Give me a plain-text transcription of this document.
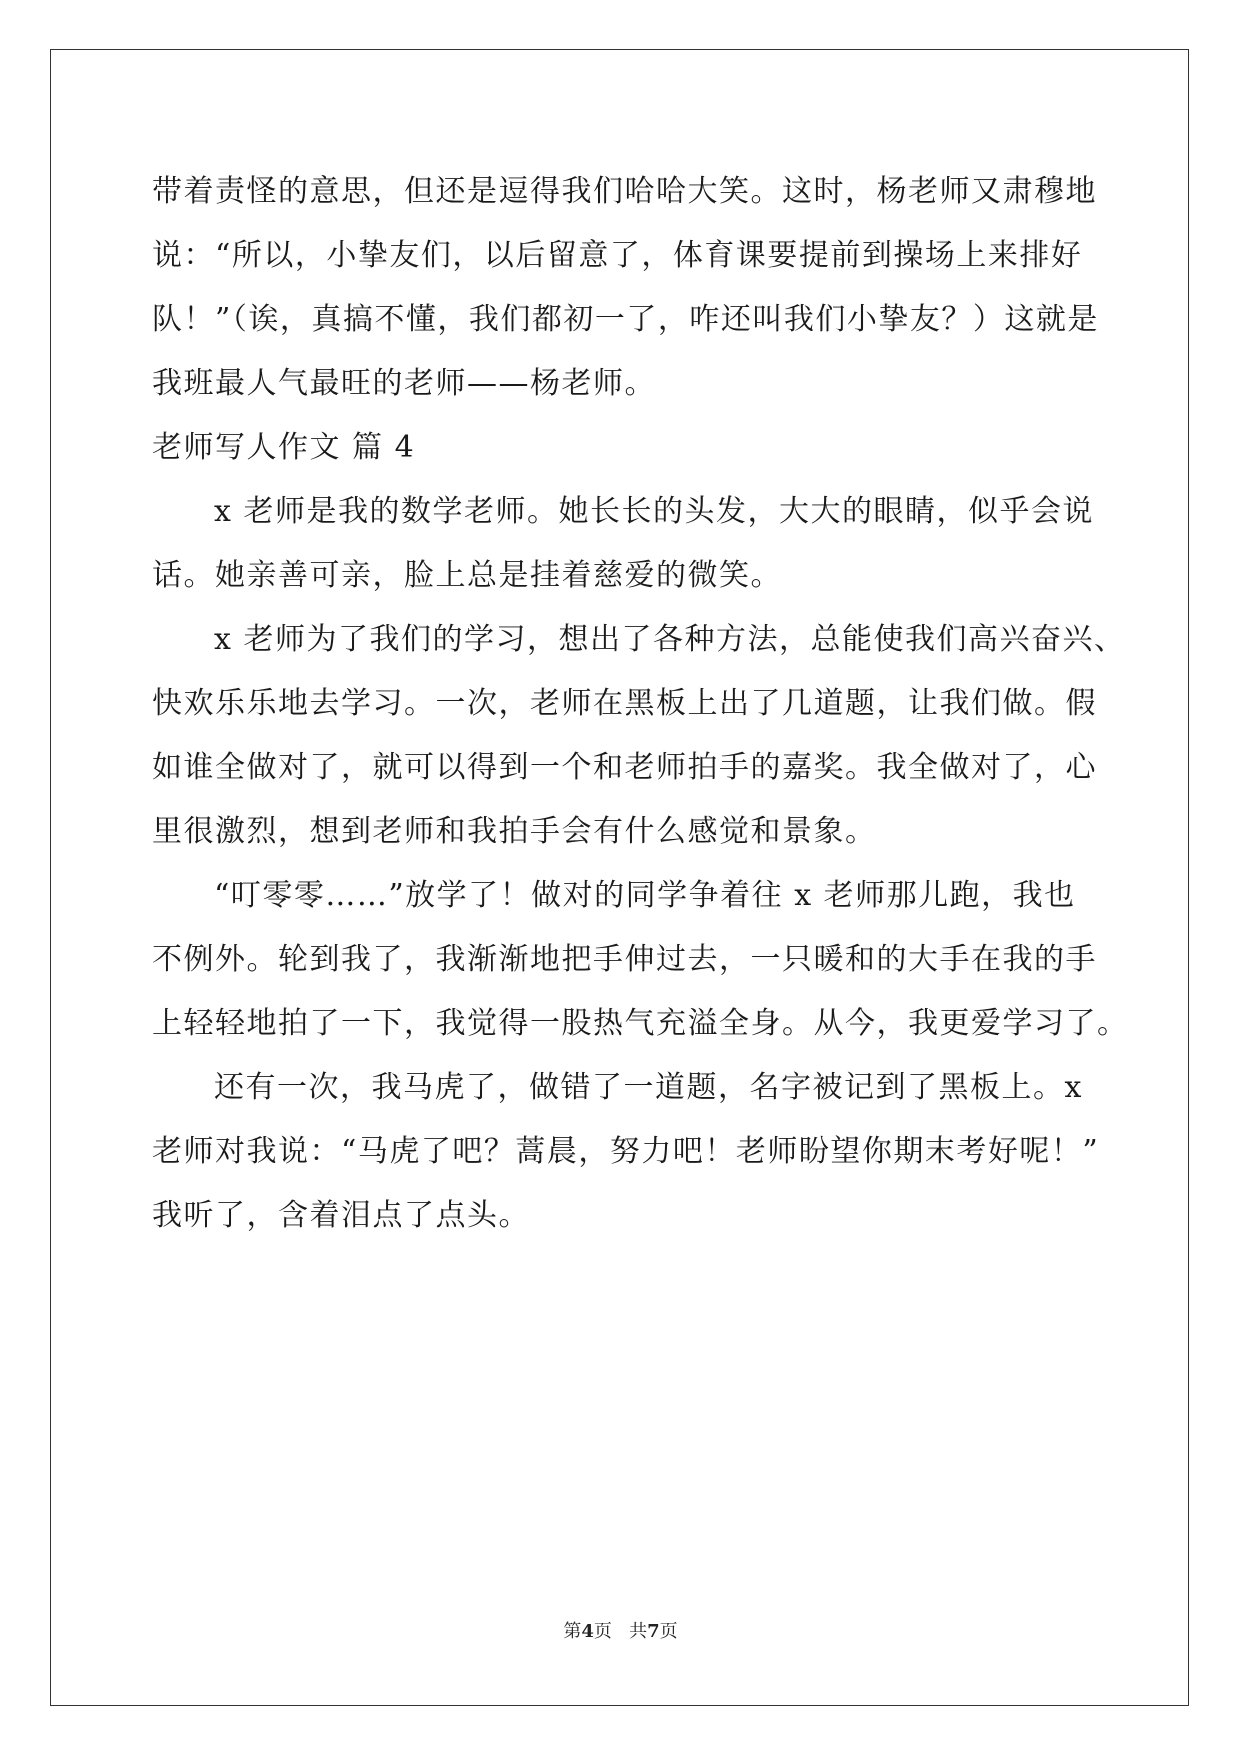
带着责怪的意思，但还是逗得我们哈哈大笑。这时，杨老师又肃穆地
说：“所以，小挚友们，以后留意了，体育课要提前到操场上来排好
队！”（诶，真搞不懂，我们都初一了，咋还叫我们小挚友？）这就是
我班最人气最旺的老师——杨老师。
老师写人作文 篇 4
x 老师是我的数学老师。她长长的头发，大大的眼睛，似乎会说
话。她亲善可亲，脸上总是挂着慈爱的微笑。
x 老师为了我们的学习，想出了各种方法，总能使我们高兴奋兴、
快欢乐乐地去学习。一次，老师在黑板上出了几道题，让我们做。假
如谁全做对了，就可以得到一个和老师拍手的嘉奖。我全做对了，心
里很激烈，想到老师和我拍手会有什么感觉和景象。
“叮零零……”放学了！做对的同学争着往 x 老师那儿跑，我也
不例外。轮到我了，我渐渐地把手伸过去，一只暖和的大手在我的手
上轻轻地拍了一下，我觉得一股热气充溢全身。从今，我更爱学习了。
还有一次，我马虎了，做错了一道题，名字被记到了黑板上。x
老师对我说：“马虎了吧？蒿晨，努力吧！老师盼望你期末考好呢！”
我听了，含着泪点了点头。
第4页 共7页
